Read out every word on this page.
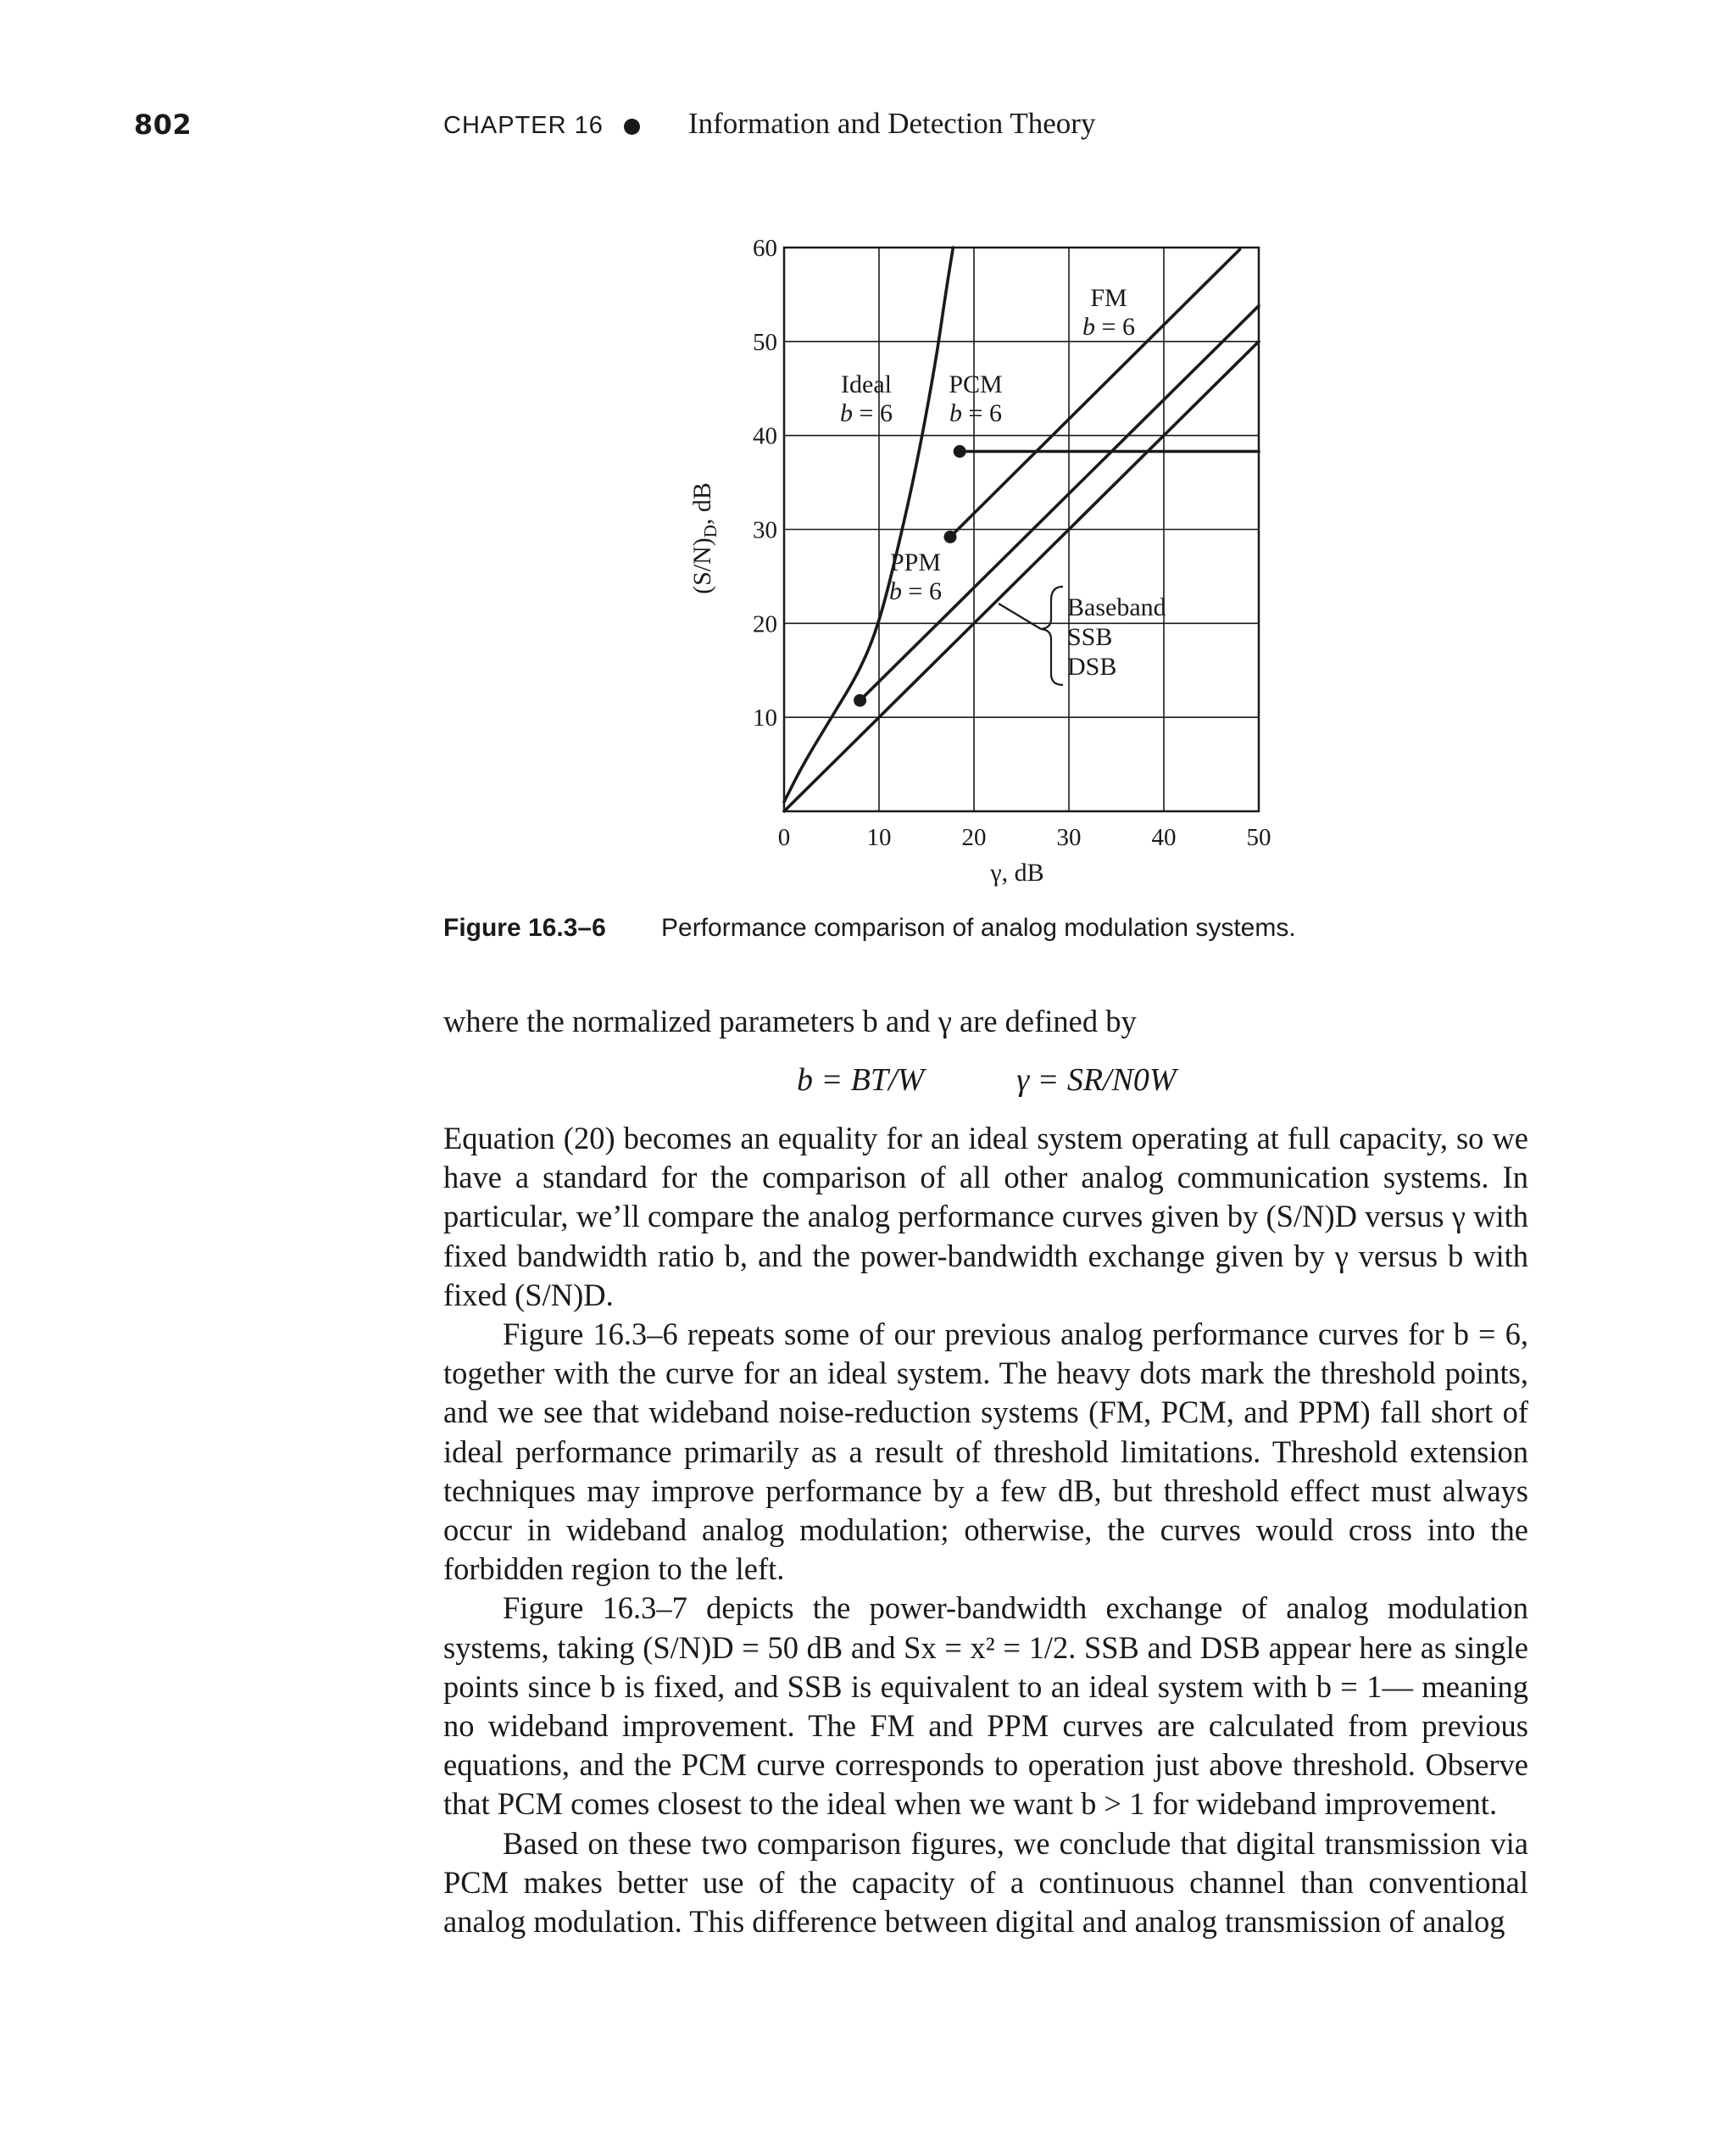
802	CHAPTER 16	Information and Detection Theory
0	10	20	30	40	50
10
20
30
40
50
60
Ideal b = 6
PCM b = 6
FM b = 6
PPM b = 6
Baseband SSB DSB
γ, dB
$(S/N)_D$, dB
Figure 16.3–6 Performance comparison of analog modulation systems.

where the normalized parameters b and γ are defined by

b = BT/W	γ = SR/N0W

Equation (20) becomes an equality for an ideal system operating at full capacity, so we have a standard for the comparison of all other analog communication systems. In particular, we’ll compare the analog performance curves given by (S/N)D versus γ with fixed bandwidth ratio b, and the power-bandwidth exchange given by γ versus b with fixed (S/N)D.

Figure 16.3–6 repeats some of our previous analog performance curves for b = 6, together with the curve for an ideal system. The heavy dots mark the threshold points, and we see that wideband noise-reduction systems (FM, PCM, and PPM) fall short of ideal performance primarily as a result of threshold limitations. Threshold extension techniques may improve performance by a few dB, but threshold effect must always occur in wideband analog modulation; otherwise, the curves would cross into the forbidden region to the left.

Figure 16.3–7 depicts the power-bandwidth exchange of analog modulation systems, taking (S/N)D = 50 dB and Sx = x² = 1/2. SSB and DSB appear here as single points since b is fixed, and SSB is equivalent to an ideal system with b = 1— meaning no wideband improvement. The FM and PPM curves are calculated from previous equations, and the PCM curve corresponds to operation just above threshold. Observe that PCM comes closest to the ideal when we want b > 1 for wideband improvement.

Based on these two comparison figures, we conclude that digital transmission via PCM makes better use of the capacity of a continuous channel than conventional analog modulation. This difference between digital and analog transmission of analog
